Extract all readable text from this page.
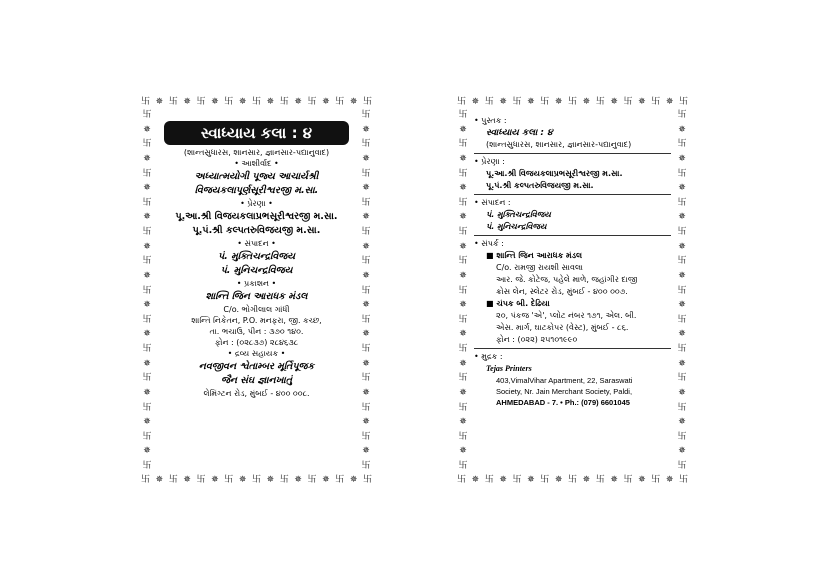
卐 ✵ 卐 ✵ 卐 ✵ 卐 ✵ 卐 ✵ 卐 ✵ 卐 ✵ 卐 ✵ 卐
卐 ✵ 卐 ✵ 卐 ✵ 卐 ✵ 卐 ✵ 卐 ✵ 卐 ✵ 卐 ✵ 卐
卐
✵
卐
✵
卐
✵
卐
✵
卐
✵
卐
✵
卐
✵
卐
✵
卐
✵
卐
✵
卐
✵
卐
✵
卐
卐
✵
卐
✵
卐
✵
卐
✵
卐
✵
卐
✵
卐
✵
卐
✵
卐
✵
卐
✵
卐
✵
卐
✵
卐
સ્વાધ્યાય કલા : ૪
(શાન્તસુધારસ, શાનસાર, જ્ઞાનસાર-પદ્યાનુવાદ)
• આશીર્વાદ •
અધ્યાત્મયોગી પૂજ્ય આચાર્યશ્રી
વિજયકલાપૂર્ણસૂરીશ્વરજી મ.સા.
• પ્રેરણા •
પૂ.આ.શ્રી વિજયકલાપ્રભસૂરીશ્વરજી મ.સા.
પૂ.પં.શ્રી કલ્પતરુવિજયજી મ.સા.
• સંપાદન •
પં. મુક્તિચન્દ્રવિજય
પં. મુનિચન્દ્રવિજય
• પ્રકાશન •
શાન્તિ જિન આરાધક મંડલ
C/o. ભોગીલાલ ગાંધી
શાન્તિ નિકેતન, P.O. મનફરા, જી. કચ્છ,
તા. ભચાઉ, પીન : ૩૭૦ ૧૪૦.
ફોન : (૦૨૮૩૭) ૨૮૪૬૩૮
• દ્રવ્ય સહાયક •
નવજીવન શ્વેતામ્બર મૂર્તિપૂજક
જૈન સંઘ જ્ઞાનખાતું
લેમિંગ્ટન રોડ, મુંબઈ - ૪૦૦ ૦૦૮.
卐 ✵ 卐 ✵ 卐 ✵ 卐 ✵ 卐 ✵ 卐 ✵ 卐 ✵ 卐 ✵ 卐
卐 ✵ 卐 ✵ 卐 ✵ 卐 ✵ 卐 ✵ 卐 ✵ 卐 ✵ 卐 ✵ 卐
卐
✵
卐
✵
卐
✵
卐
✵
卐
✵
卐
✵
卐
✵
卐
✵
卐
✵
卐
✵
卐
✵
卐
✵
卐
卐
✵
卐
✵
卐
✵
卐
✵
卐
✵
卐
✵
卐
✵
卐
✵
卐
✵
卐
✵
卐
✵
卐
✵
卐
• પુસ્તક :
સ્વાધ્યાય કલા : ૪
(શાન્તસુધારસ, શાનસાર, જ્ઞાનસાર-પદ્યાનુવાદ)
• પ્રેરણા :
પૂ.આ.શ્રી વિજયકલાપ્રભસૂરીશ્વરજી મ.સા.
પૂ.પં.શ્રી કલ્પતરુવિજયજી મ.સા.
• સંપાદન :
પં. મુક્તિચન્દ્રવિજય
પં. મુનિચન્દ્રવિજય
• સંપર્ક :
■ શાન્તિ જિન આરાધક મંડલ
C/o. રામજી રાયશી સાવલા
આર. જે. કોટેજ, પહેલે માળે, જહાંગીર દાજી
ક્રોસ લેન, સ્લેટર રોડ, મુંબઈ - ૪૦૦ ૦૦૭.
■ ચંપક બી. દેઢિયા
૨૦, પંકજ 'એ', પ્લોટ નંબર ૧૭૧, એલ. બી.
એસ. માર્ગ, ઘાટકોપર (વેસ્ટ), મુંબઈ - ૮૬.
ફોન : (૦૨૨) ૨૫૧૦૧૯૯૦
• મુદ્રક :
Tejas Printers
403,VimalVihar Apartment, 22, Saraswati
Society, Nr. Jain Merchant Society, Paldi,
AHMEDABAD - 7. • Ph.: (079) 6601045
